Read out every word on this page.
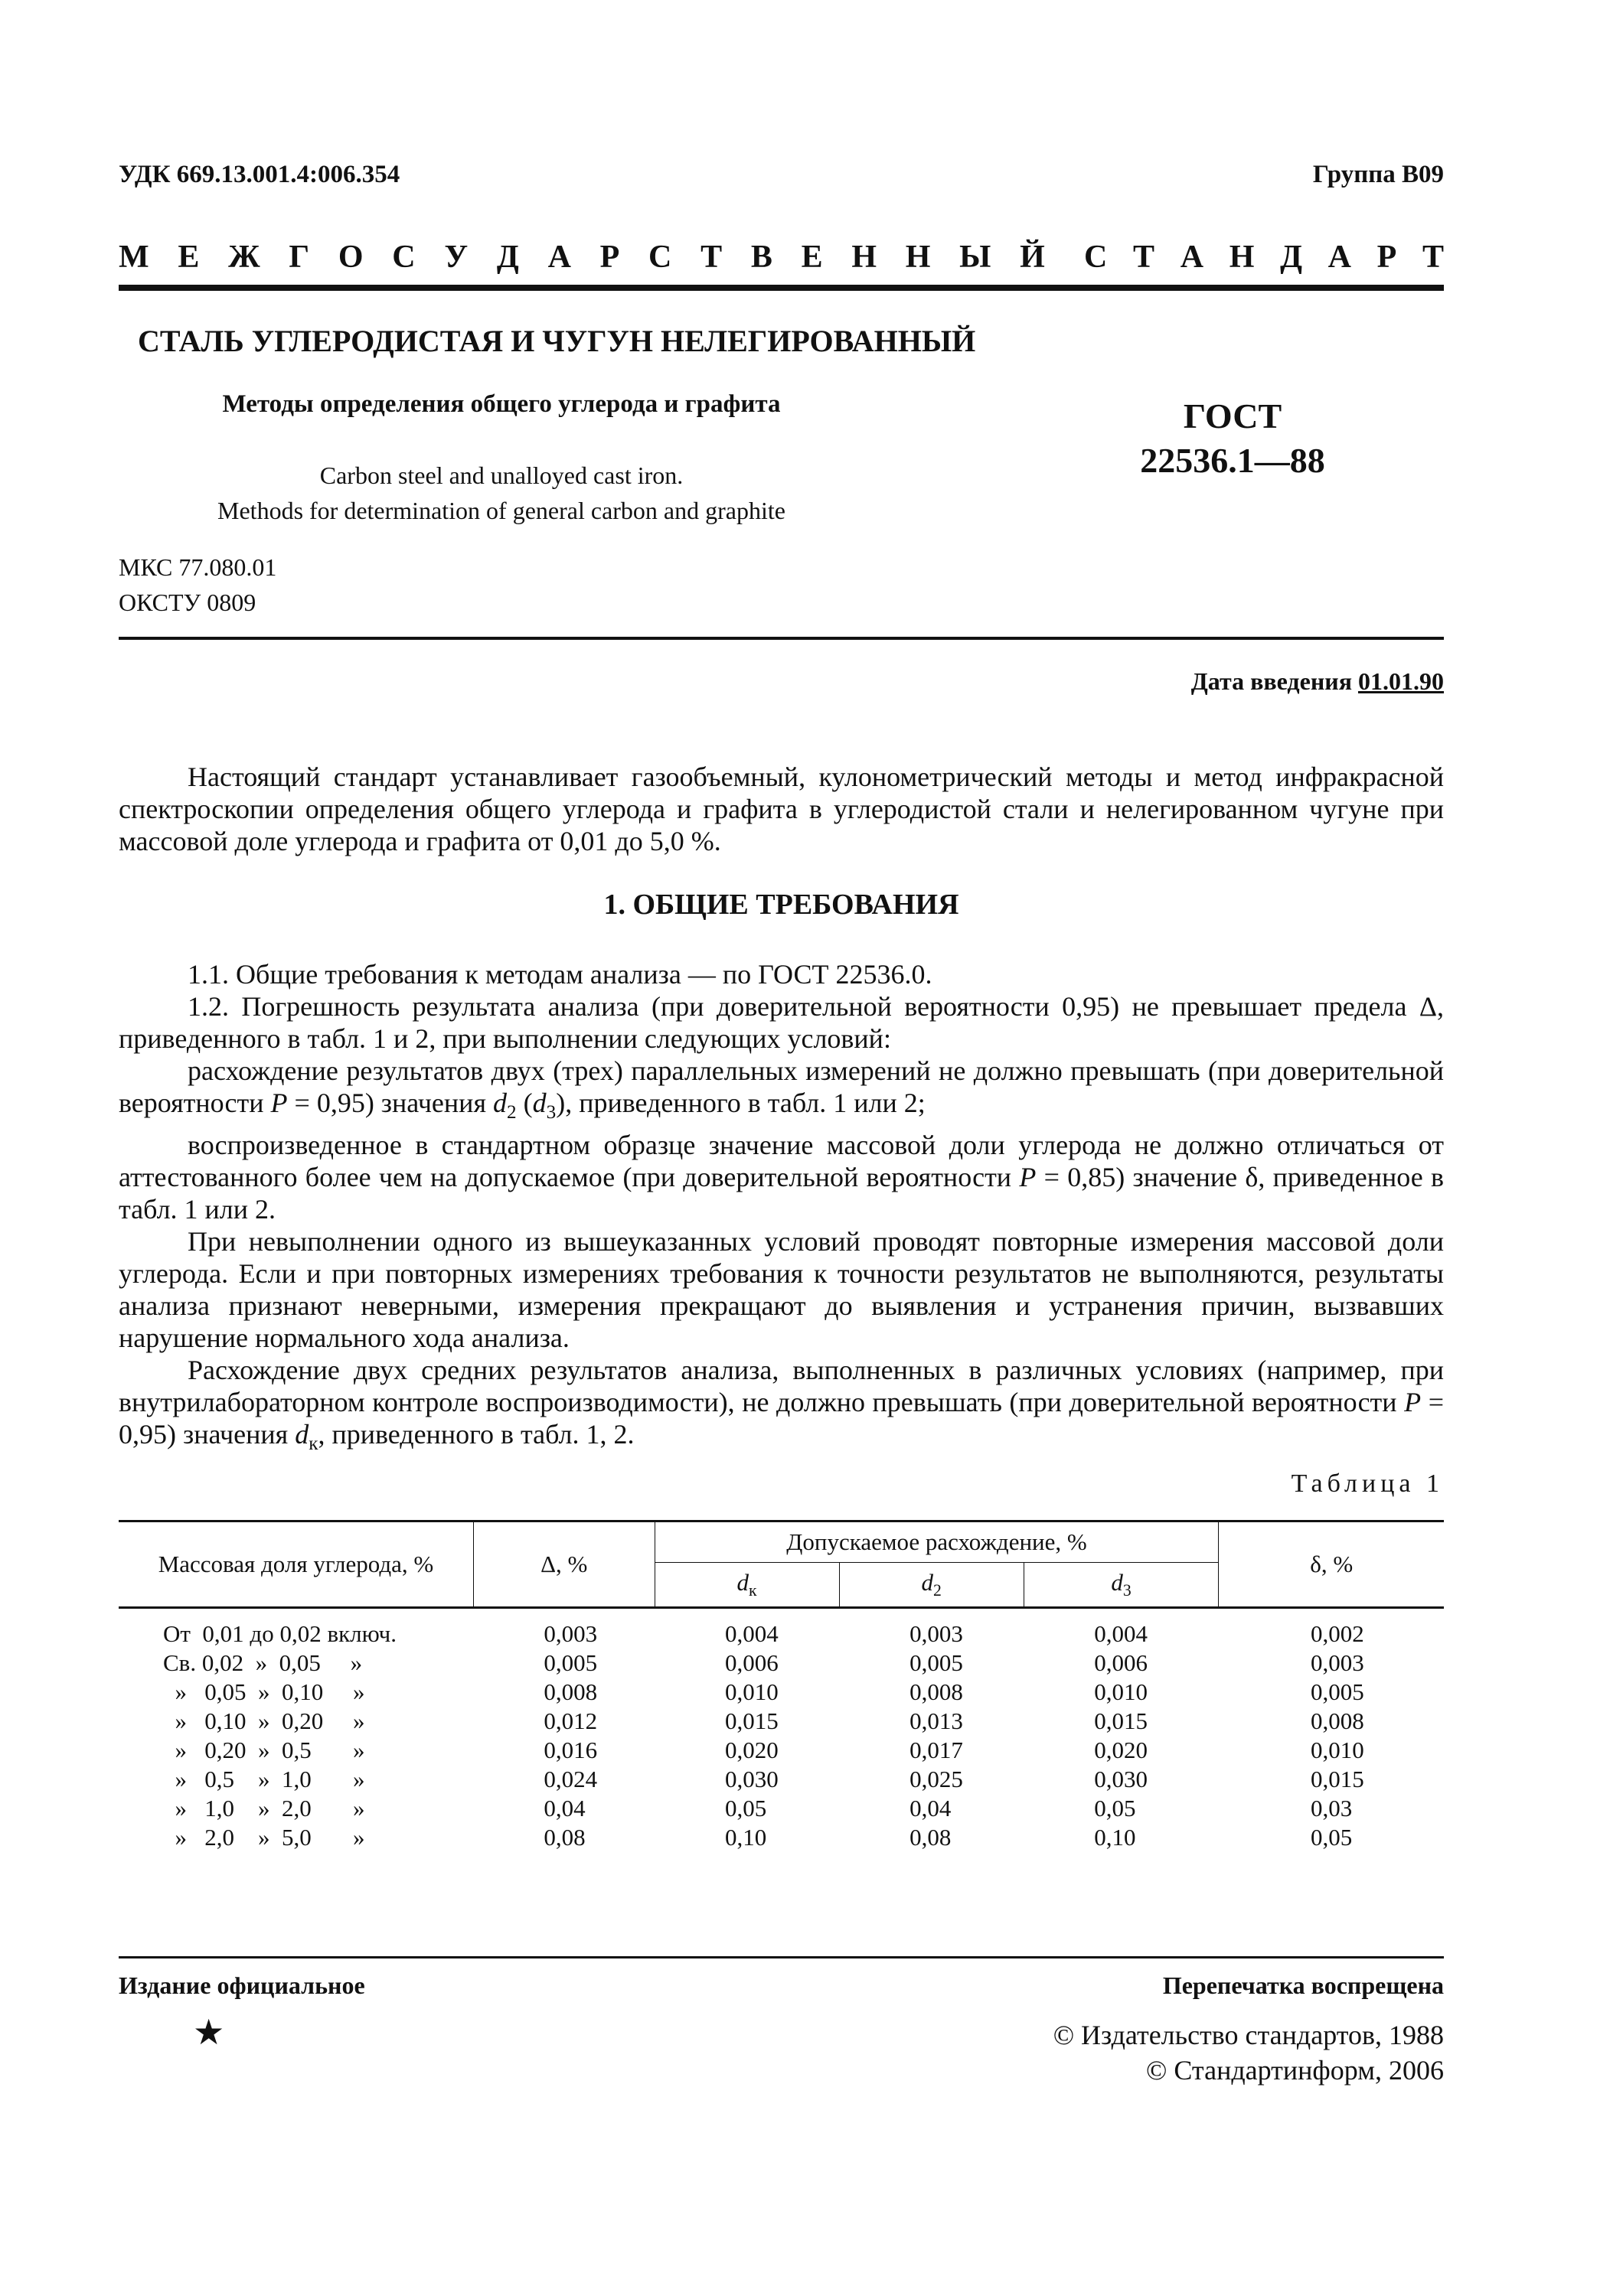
УДК 669.13.001.4:006.354	Группа В09
М Е Ж Г О С У Д А Р С Т В Е Н Н Ы Й С Т А Н Д А Р Т
СТАЛЬ УГЛЕРОДИСТАЯ И ЧУГУН НЕЛЕГИРОВАННЫЙ
Методы определения общего углерода и графита
Carbon steel and unalloyed cast iron.
Methods for determination of general carbon and graphite
ГОСТ
22536.1—88
МКС 77.080.01
ОКСТУ 0809
Дата введения 01.01.90

Настоящий стандарт устанавливает газообъемный, кулонометрический методы и метод инфракрасной спектроскопии определения общего углерода и графита в углеродистой стали и нелегированном чугуне при массовой доле углерода и графита от 0,01 до 5,0 %.

1. ОБЩИЕ ТРЕБОВАНИЯ

1.1. Общие требования к методам анализа — по ГОСТ 22536.0.

1.2. Погрешность результата анализа (при доверительной вероятности 0,95) не превышает предела Δ, приведенного в табл. 1 и 2, при выполнении следующих условий:

расхождение результатов двух (трех) параллельных измерений не должно превышать (при доверительной вероятности P = 0,95) значения $d_2$ $(d_3)$, приведенного в табл. 1 или 2;

воспроизведенное в стандартном образце значение массовой доли углерода не должно отличаться от аттестованного более чем на допускаемое (при доверительной вероятности P = 0,85) значение δ, приведенное в табл. 1 или 2.

При невыполнении одного из вышеуказанных условий проводят повторные измерения массовой доли углерода. Если и при повторных измерениях требования к точности результатов не выполняются, результаты анализа признают неверными, измерения прекращают до выявления и устранения причин, вызвавших нарушение нормального хода анализа.

Расхождение двух средних результатов анализа, выполненных в различных условиях (например, при внутрилабораторном контроле воспроизводимости), не должно превышать (при доверительной вероятности P = 0,95) значения $d_к$, приведенного в табл. 1, 2.

Таблица 1
Массовая доля углерода, %	Δ, %	Допускаемое расхождение, %			δ, %
		$d_к$	$d_2$	$d_3$
От  0,01 до 0,02 включ.	0,003	0,004	0,003	0,004	0,002
Св. 0,02  »  0,05     »	0,005	0,006	0,005	0,006	0,003
»   0,05  »  0,10     »	0,008	0,010	0,008	0,010	0,005
»   0,10  »  0,20     »	0,012	0,015	0,013	0,015	0,008
»   0,20  »  0,5       »	0,016	0,020	0,017	0,020	0,010
»   0,5    »  1,0       »	0,024	0,030	0,025	0,030	0,015
»   1,0    »  2,0       »	0,04	0,05	0,04	0,05	0,03
»   2,0    »  5,0       »	0,08	0,10	0,08	0,10	0,05
Издание официальное	Перепечатка воспрещена
★	© Издательство стандартов, 1988
© Стандартинформ, 2006
